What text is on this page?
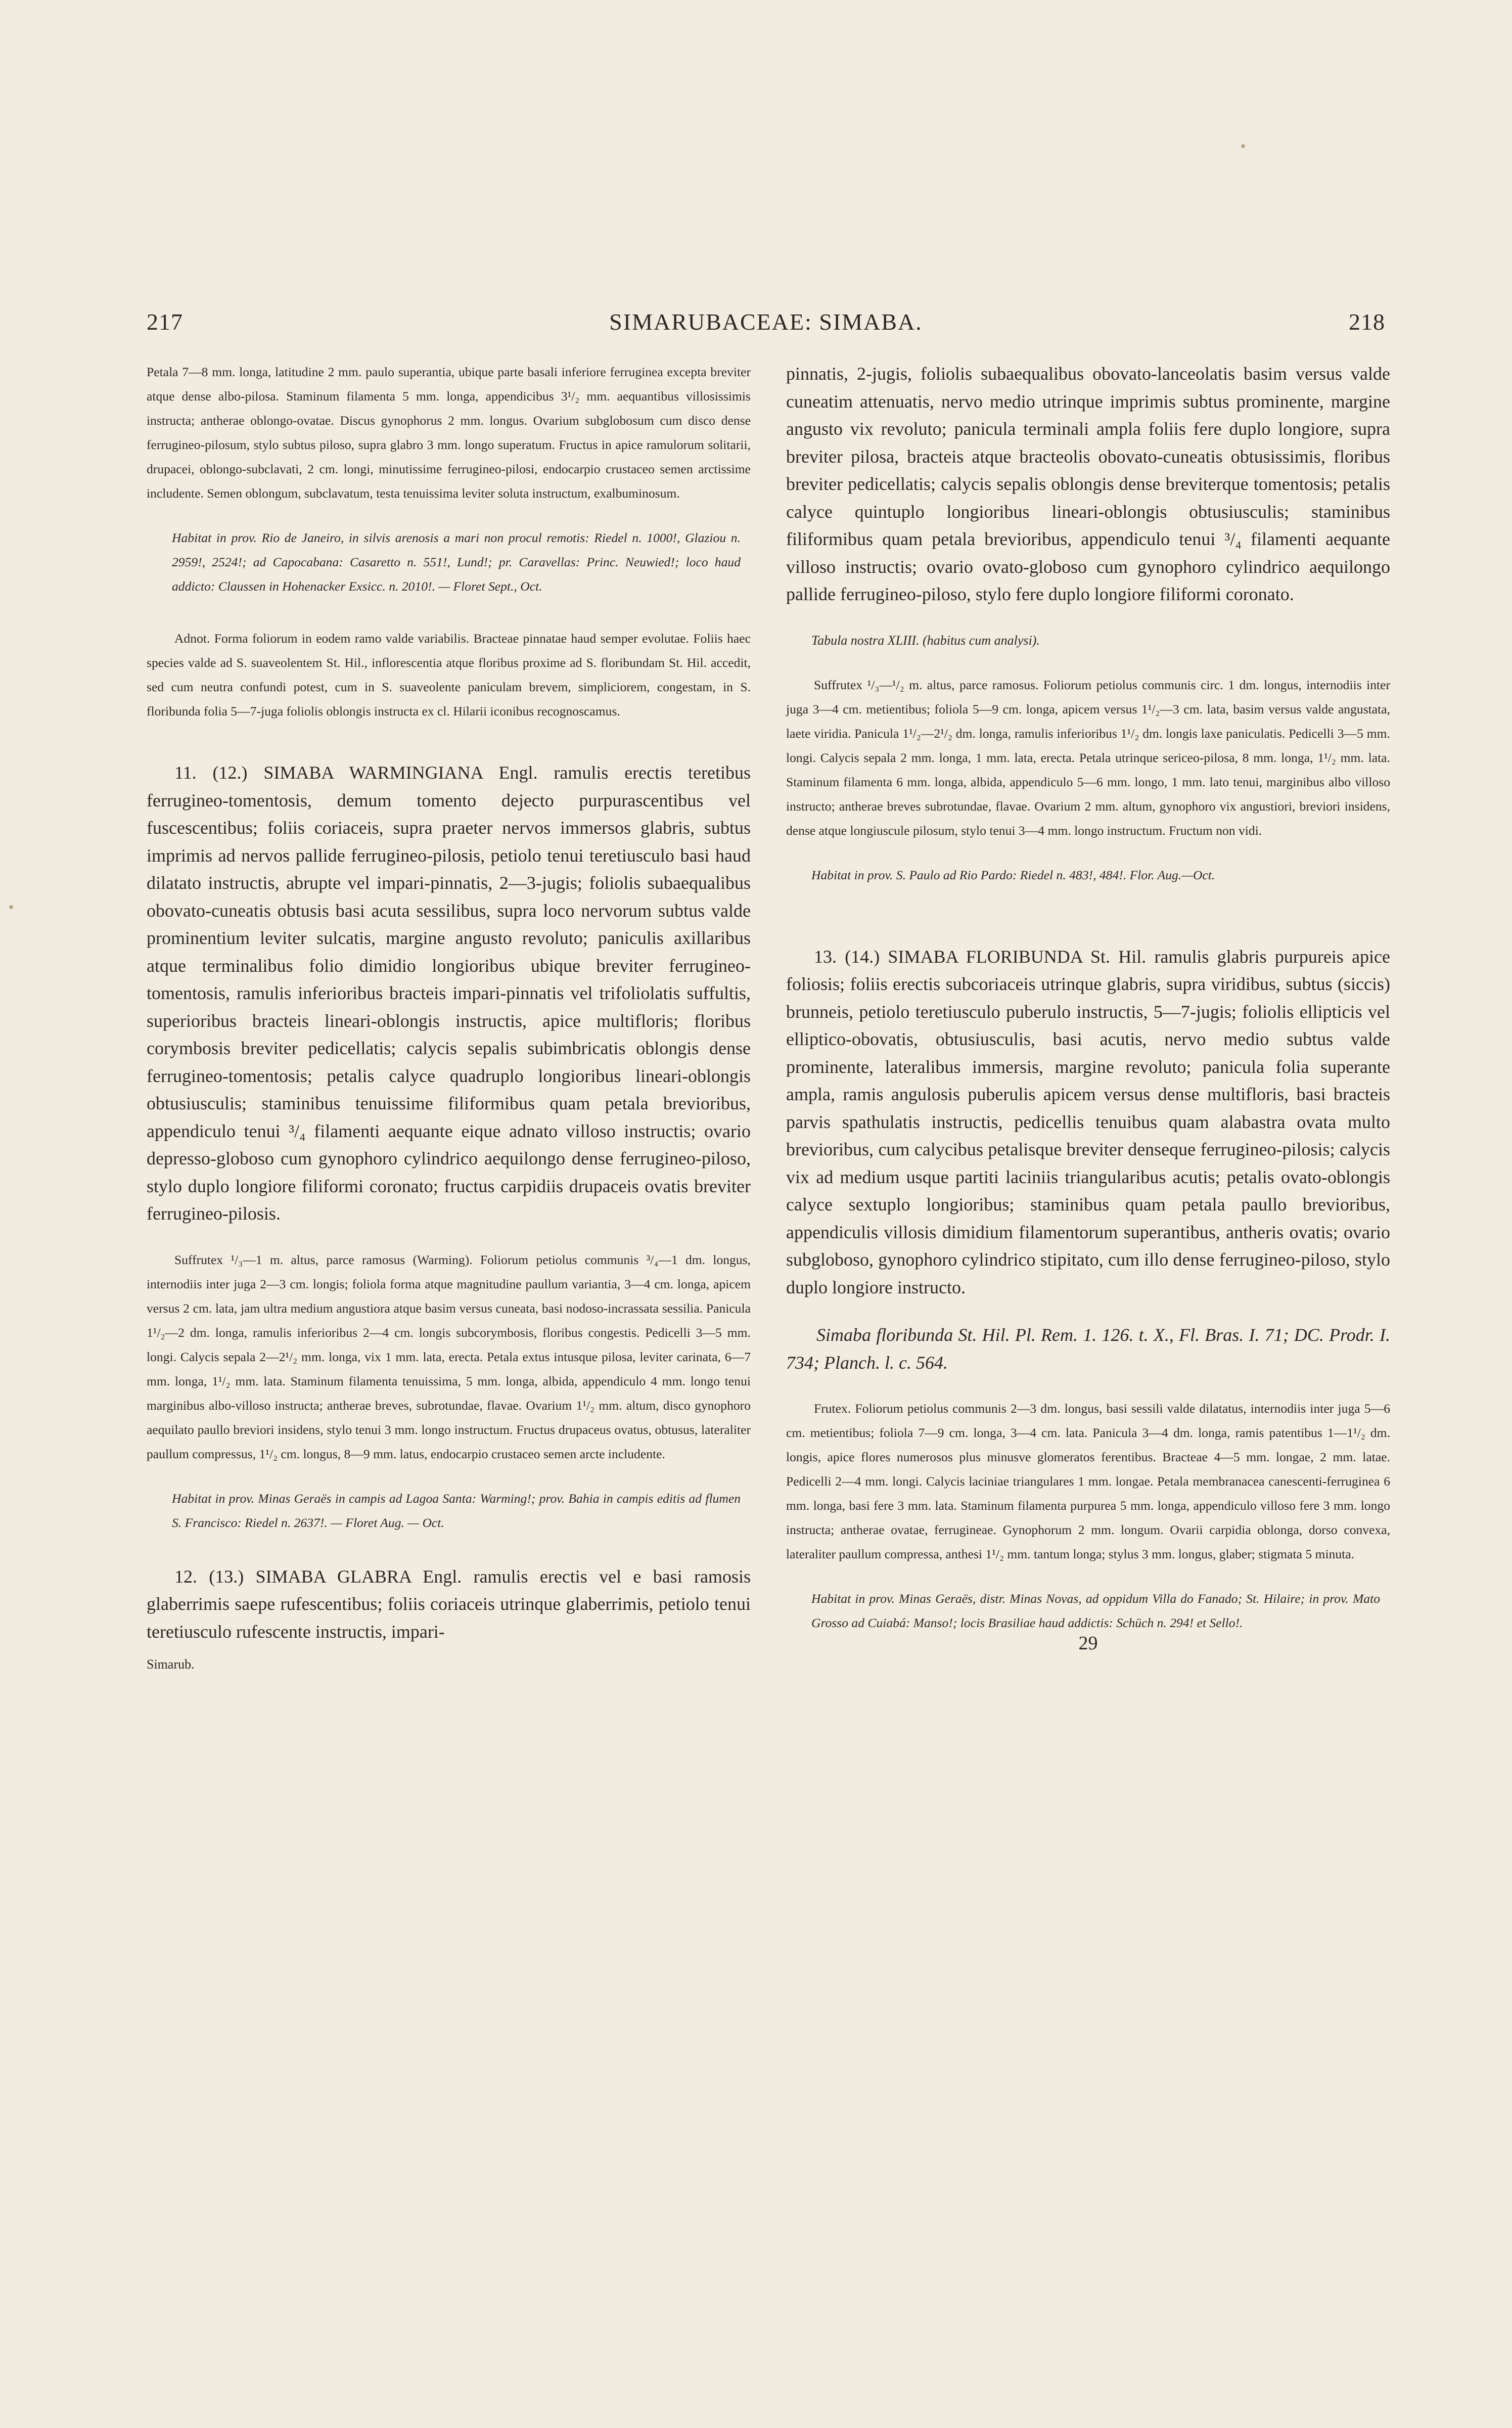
217	SIMARUBACEAE: SIMABA.	218

Petala 7—8 mm. longa, latitudine 2 mm. paulo superantia, ubique parte basali inferiore ferruginea excepta breviter atque dense albo-pilosa. Staminum filamenta 5 mm. longa, appendicibus 3¹/₂ mm. aequantibus villosissimis instructa; antherae oblongo-ovatae. Discus gynophorus 2 mm. longus. Ovarium subglobosum cum disco dense ferrugineo-pilosum, stylo subtus piloso, supra glabro 3 mm. longo superatum. Fructus in apice ramulorum solitarii, drupacei, oblongo-subclavati, 2 cm. longi, minutissime ferrugineo-pilosi, endocarpio crustaceo semen arctissime includente. Semen oblongum, subclavatum, testa tenuissima leviter soluta instructum, exalbuminosum.

Habitat in prov. Rio de Janeiro, in silvis arenosis a mari non procul remotis: Riedel n. 1000!, Glaziou n. 2959!, 2524!; ad Capocabana: Casaretto n. 551!, Lund!; pr. Caravellas: Princ. Neuwied!; loco haud addicto: Claussen in Hohenacker Exsicc. n. 2010!. — Floret Sept., Oct.

Adnot. Forma foliorum in eodem ramo valde variabilis. Bracteae pinnatae haud semper evolutae. Foliis haec species valde ad S. suaveolentem St. Hil., inflorescentia atque floribus proxime ad S. floribundam St. Hil. accedit, sed cum neutra confundi potest, cum in S. suaveolente paniculam brevem, simpliciorem, congestam, in S. floribunda folia 5—7-juga foliolis oblongis instructa ex cl. Hilarii iconibus recognoscamus.

11. (12.) SIMABA WARMINGIANA Engl. ramulis erectis teretibus ferrugineo-tomentosis, demum tomento dejecto purpurascentibus vel fuscescentibus; foliis coriaceis, supra praeter nervos immersos glabris, subtus imprimis ad nervos pallide ferrugineo-pilosis, petiolo tenui teretiusculo basi haud dilatato instructis, abrupte vel impari-pinnatis, 2—3-jugis; foliolis subaequalibus obovato-cuneatis obtusis basi acuta sessilibus, supra loco nervorum subtus valde prominentium leviter sulcatis, margine angusto revoluto; paniculis axillaribus atque terminalibus folio dimidio longioribus ubique breviter ferrugineo-tomentosis, ramulis inferioribus bracteis impari-pinnatis vel trifoliolatis suffultis, superioribus bracteis lineari-oblongis instructis, apice multifloris; floribus corymbosis breviter pedicellatis; calycis sepalis subimbricatis oblongis dense ferrugineo-tomentosis; petalis calyce quadruplo longioribus lineari-oblongis obtusiusculis; staminibus tenuissime filiformibus quam petala brevioribus, appendiculo tenui ³/₄ filamenti aequante eique adnato villoso instructis; ovario depresso-globoso cum gynophoro cylindrico aequilongo dense ferrugineo-piloso, stylo duplo longiore filiformi coronato; fructus carpidiis drupaceis ovatis breviter ferrugineo-pilosis.

Suffrutex ¹/₃—1 m. altus, parce ramosus (Warming). Foliorum petiolus communis ³/₄—1 dm. longus, internodiis inter juga 2—3 cm. longis; foliola forma atque magnitudine paullum variantia, 3—4 cm. longa, apicem versus 2 cm. lata, jam ultra medium angustiora atque basim versus cuneata, basi nodoso-incrassata sessilia. Panicula 1¹/₂—2 dm. longa, ramulis inferioribus 2—4 cm. longis subcorymbosis, floribus congestis. Pedicelli 3—5 mm. longi. Calycis sepala 2—2¹/₂ mm. longa, vix 1 mm. lata, erecta. Petala extus intusque pilosa, leviter carinata, 6—7 mm. longa, 1¹/₂ mm. lata. Staminum filamenta tenuissima, 5 mm. longa, albida, appendiculo 4 mm. longo tenui marginibus albo-villoso instructa; antherae breves, subrotundae, flavae. Ovarium 1¹/₂ mm. altum, disco gynophoro aequilato paullo breviori insidens, stylo tenui 3 mm. longo instructum. Fructus drupaceus ovatus, obtusus, lateraliter paullum compressus, 1¹/₂ cm. longus, 8—9 mm. latus, endocarpio crustaceo semen arcte includente.

Habitat in prov. Minas Geraës in campis ad Lagoa Santa: Warming!; prov. Bahia in campis editis ad flumen S. Francisco: Riedel n. 2637!. — Floret Aug. — Oct.

12. (13.) SIMABA GLABRA Engl. ramulis erectis vel e basi ramosis glaberrimis saepe rufescentibus; foliis coriaceis utrinque glaberrimis, petiolo tenui teretiusculo rufescente instructis, impari-

Simarub.

pinnatis, 2-jugis, foliolis subaequalibus obovato-lanceolatis basim versus valde cuneatim attenuatis, nervo medio utrinque imprimis subtus prominente, margine angusto vix revoluto; panicula terminali ampla foliis fere duplo longiore, supra breviter pilosa, bracteis atque bracteolis obovato-cuneatis obtusissimis, floribus breviter pedicellatis; calycis sepalis oblongis dense breviterque tomentosis; petalis calyce quintuplo longioribus lineari-oblongis obtusiusculis; staminibus filiformibus quam petala brevioribus, appendiculo tenui ³/₄ filamenti aequante villoso instructis; ovario ovato-globoso cum gynophoro cylindrico aequilongo pallide ferrugineo-piloso, stylo fere duplo longiore filiformi coronato.

Tabula nostra XLIII. (habitus cum analysi).

Suffrutex ¹/₃—¹/₂ m. altus, parce ramosus. Foliorum petiolus communis circ. 1 dm. longus, internodiis inter juga 3—4 cm. metientibus; foliola 5—9 cm. longa, apicem versus 1¹/₂—3 cm. lata, basim versus valde angustata, laete viridia. Panicula 1¹/₂—2¹/₂ dm. longa, ramulis inferioribus 1¹/₂ dm. longis laxe paniculatis. Pedicelli 3—5 mm. longi. Calycis sepala 2 mm. longa, 1 mm. lata, erecta. Petala utrinque sericeo-pilosa, 8 mm. longa, 1¹/₂ mm. lata. Staminum filamenta 6 mm. longa, albida, appendiculo 5—6 mm. longo, 1 mm. lato tenui, marginibus albo villoso instructo; antherae breves subrotundae, flavae. Ovarium 2 mm. altum, gynophoro vix angustiori, breviori insidens, dense atque longiuscule pilosum, stylo tenui 3—4 mm. longo instructum. Fructum non vidi.

Habitat in prov. S. Paulo ad Rio Pardo: Riedel n. 483!, 484!. Flor. Aug.—Oct.

13. (14.) SIMABA FLORIBUNDA St. Hil. ramulis glabris purpureis apice foliosis; foliis erectis subcoriaceis utrinque glabris, supra viridibus, subtus (siccis) brunneis, petiolo teretiusculo puberulo instructis, 5—7-jugis; foliolis ellipticis vel elliptico-obovatis, obtusiusculis, basi acutis, nervo medio subtus valde prominente, lateralibus immersis, margine revoluto; panicula folia superante ampla, ramis angulosis puberulis apicem versus dense multifloris, basi bracteis parvis spathulatis instructis, pedicellis tenuibus quam alabastra ovata multo brevioribus, cum calycibus petalisque breviter denseque ferrugineo-pilosis; calycis vix ad medium usque partiti laciniis triangularibus acutis; petalis ovato-oblongis calyce sextuplo longioribus; staminibus quam petala paullo brevioribus, appendiculis villosis dimidium filamentorum superantibus, antheris ovatis; ovario subgloboso, gynophoro cylindrico stipitato, cum illo dense ferrugineo-piloso, stylo duplo longiore instructo.

Simaba floribunda St. Hil. Pl. Rem. 1. 126. t. X., Fl. Bras. I. 71; DC. Prodr. I. 734; Planch. l. c. 564.

Frutex. Foliorum petiolus communis 2—3 dm. longus, basi sessili valde dilatatus, internodiis inter juga 5—6 cm. metientibus; foliola 7—9 cm. longa, 3—4 cm. lata. Panicula 3—4 dm. longa, ramis patentibus 1—1¹/₂ dm. longis, apice flores numerosos plus minusve glomeratos ferentibus. Bracteae 4—5 mm. longae, 2 mm. latae. Pedicelli 2—4 mm. longi. Calycis laciniae triangulares 1 mm. longae. Petala membranacea canescenti-ferruginea 6 mm. longa, basi fere 3 mm. lata. Staminum filamenta purpurea 5 mm. longa, appendiculo villoso fere 3 mm. longo instructa; antherae ovatae, ferrugineae. Gynophorum 2 mm. longum. Ovarii carpidia oblonga, dorso convexa, lateraliter paullum compressa, anthesi 1¹/₂ mm. tantum longa; stylus 3 mm. longus, glaber; stigmata 5 minuta.

Habitat in prov. Minas Geraës, distr. Minas Novas, ad oppidum Villa do Fanado; St. Hilaire; in prov. Mato Grosso ad Cuiabá: Manso!; locis Brasiliae haud addictis: Schüch n. 294! et Sello!.

29
